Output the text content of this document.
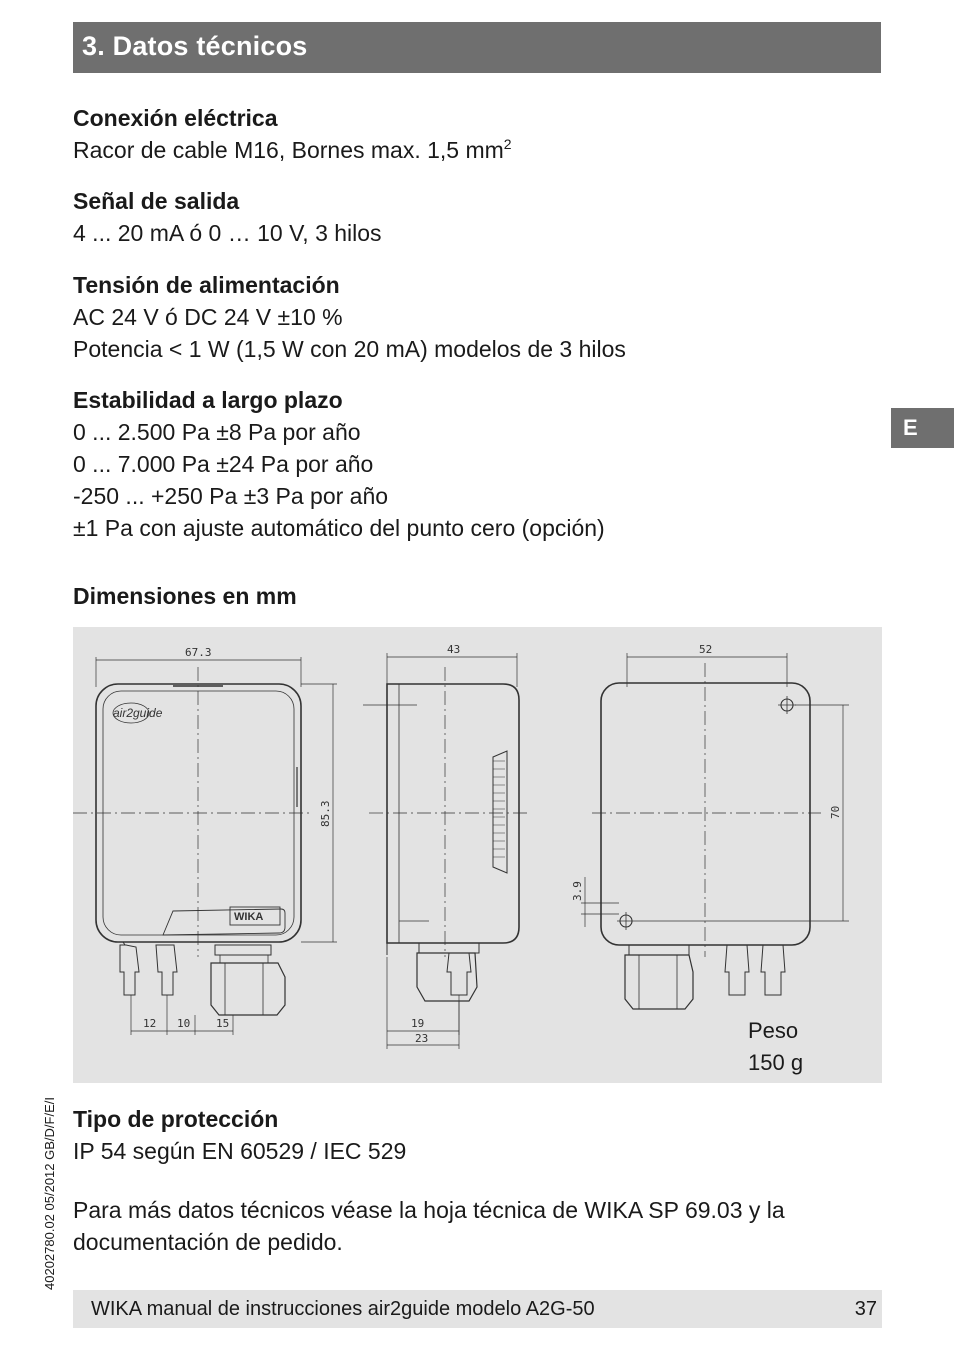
3. Datos técnicos
Conexión eléctrica
Racor de cable M16, Bornes max. 1,5 $mm^2$
Señal de salida
4 ... 20 mA ó 0 … 10 V, 3 hilos
Tensión de alimentación
AC 24 V ó DC 24 V ±10 %
Potencia < 1 W (1,5 W con 20 mA) modelos de 3 hilos
Estabilidad a largo plazo
0 ... 2.500 Pa ±8 Pa por año
0 ... 7.000 Pa ±24 Pa por año
-250 ... +250 Pa ±3 Pa por año
±1 Pa con ajuste automático del punto cero (opción)
E
Dimensiones en mm
67.3
WIKA
air2guide
85.3
12 10 15
43
19
23
52
70
3.9
Peso
150 g
Tipo de protección
IP 54 según EN 60529 / IEC 529
Para más datos técnicos véase la hoja técnica de WIKA SP 69.03 y la
documentación de pedido.
40202780.02 05/2012 GB/D/F/E/I
WIKA manual de instrucciones air2guide modelo A2G-50	37
